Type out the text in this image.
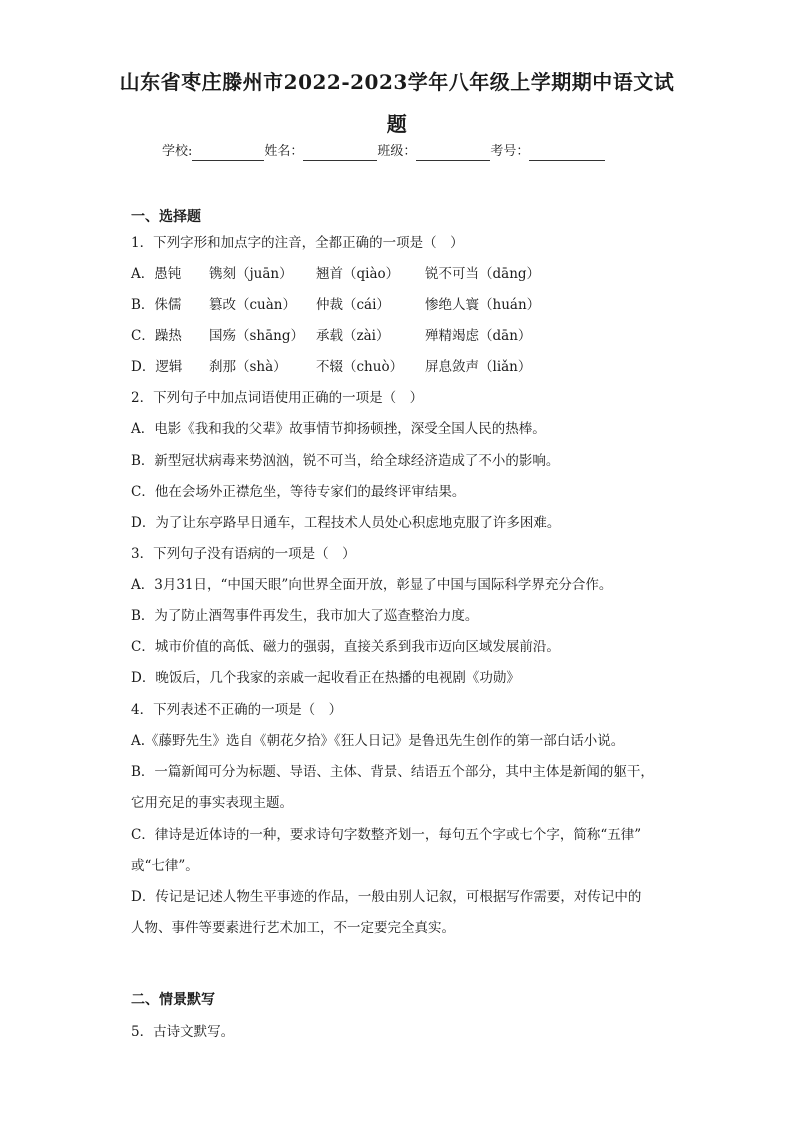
山东省枣庄滕州市2022-2023学年八年级上学期期中语文试
题
学校:	姓名：	班级：	考号：
一、选择题
1．下列字形和加点字的注音，全都正确的一项是（　）
A．愚钝 镌刻（juān） 翘首（qiào） 锐不可当（dāng）
B．侏儒 篡改（cuàn） 仲裁（cái）	惨绝人寰（huán）
C．躁热 国殇（shāng） 承载（zài）	殚精竭虑（dān）
D．逻辑 刹那（shà） 不辍（chuò） 屏息敛声（liǎn）
2．下列句子中加点词语使用正确的一项是（　）
A．电影《我和我的父辈》故事情节抑扬顿挫，深受全国人民的热棒。
B．新型冠状病毒来势汹汹，锐不可当，给全球经济造成了不小的影响。
C．他在会场外正襟危坐，等待专家们的最终评审结果。
D．为了让东亭路早日通车，工程技术人员处心积虑地克服了许多困难。
3．下列句子没有语病的一项是（　）
A．3月31日，“中国天眼”向世界全面开放，彰显了中国与国际科学界充分合作。
B．为了防止酒驾事件再发生，我市加大了巡查整治力度。
C．城市价值的高低、磁力的强弱，直接关系到我市迈向区域发展前沿。
D．晚饭后，几个我家的亲戚一起收看正在热播的电视剧《功勋》
4．下列表述不正确的一项是（　）
A.《藤野先生》选自《朝花夕拾》《狂人日记》是鲁迅先生创作的第一部白话小说。
B．一篇新闻可分为标题、导语、主体、背景、结语五个部分，其中主体是新闻的躯干，
它用充足的事实表现主题。
C．律诗是近体诗的一种，要求诗句字数整齐划一，每句五个字或七个字，简称“五律”
或“七律”。
D．传记是记述人物生平事迹的作品，一般由别人记叙，可根据写作需要，对传记中的
人物、事件等要素进行艺术加工，不一定要完全真实。
二、情景默写
5．古诗文默写。
